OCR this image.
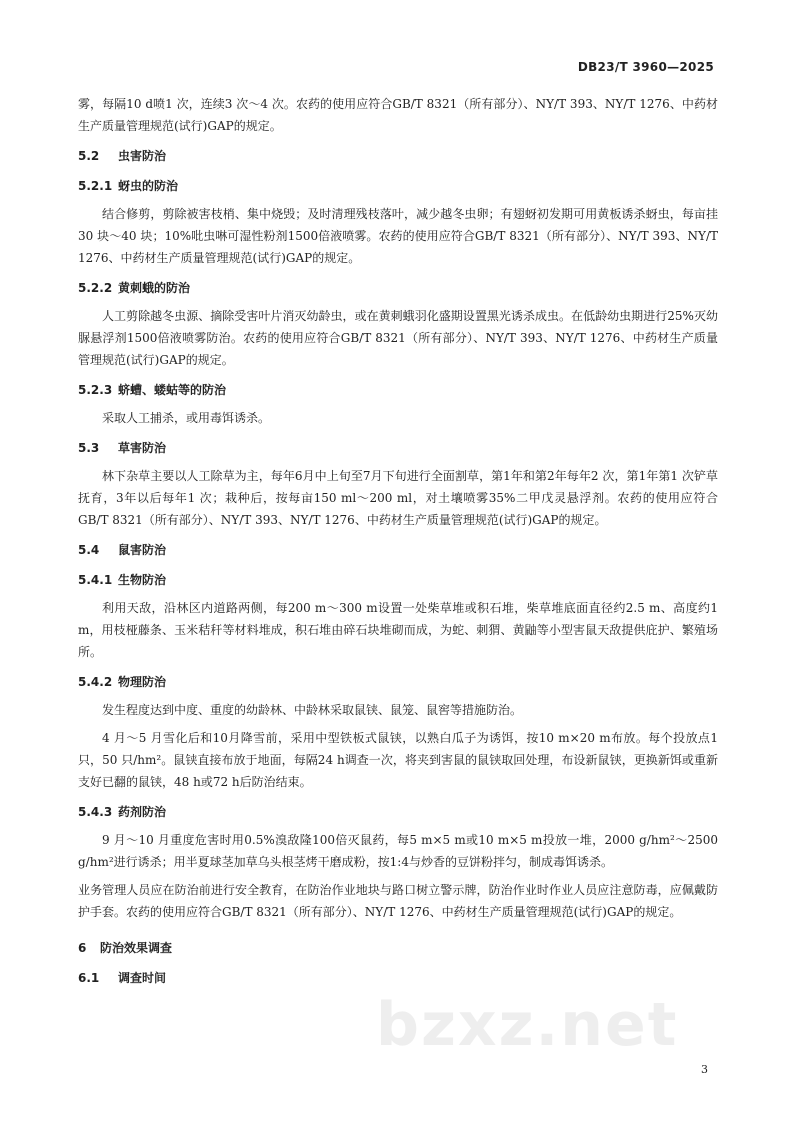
DB23/T 3960—2025

雾，每隔10 d喷1 次，连续3 次～4 次。农药的使用应符合GB/T 8321（所有部分）、NY/T 393、NY/T 1276、中药材生产质量管理规范(试行)GAP的规定。

5.2 虫害防治
5.2.1 蚜虫的防治

结合修剪，剪除被害枝梢、集中烧毁；及时清理残枝落叶，减少越冬虫卵；有翅蚜初发期可用黄板诱杀蚜虫，每亩挂30 块～40 块；10%吡虫啉可湿性粉剂1500倍液喷雾。农药的使用应符合GB/T 8321（所有部分）、NY/T 393、NY/T 1276、中药材生产质量管理规范(试行)GAP的规定。

5.2.2 黄刺蛾的防治

人工剪除越冬虫源、摘除受害叶片消灭幼龄虫，或在黄刺蛾羽化盛期设置黑光诱杀成虫。在低龄幼虫期进行25%灭幼脲悬浮剂1500倍液喷雾防治。农药的使用应符合GB/T 8321（所有部分）、NY/T 393、NY/T 1276、中药材生产质量管理规范(试行)GAP的规定。

5.2.3 蛴螬、蝼蛄等的防治

采取人工捕杀，或用毒饵诱杀。

5.3 草害防治

林下杂草主要以人工除草为主，每年6月中上旬至7月下旬进行全面割草，第1年和第2年每年2 次，第1年第1 次铲草抚育，3年以后每年1 次；栽种后，按每亩150 ml～200 ml，对土壤喷雾35%二甲戊灵悬浮剂。农药的使用应符合GB/T 8321（所有部分）、NY/T 393、NY/T 1276、中药材生产质量管理规范(试行)GAP的规定。

5.4 鼠害防治
5.4.1 生物防治

利用天敌，沿林区内道路两侧，每200 m～300 m设置一处柴草堆或积石堆，柴草堆底面直径约2.5 m、高度约1 m，用枝桠藤条、玉米秸秆等材料堆成，积石堆由碎石块堆砌而成，为蛇、刺猬、黄鼬等小型害鼠天敌提供庇护、繁殖场所。

5.4.2 物理防治

发生程度达到中度、重度的幼龄林、中龄林采取鼠铗、鼠笼、鼠窖等措施防治。

4 月～5 月雪化后和10月降雪前，采用中型铁板式鼠铗，以熟白瓜子为诱饵，按10 m×20 m布放。每个投放点1只，50 只/hm²。鼠铗直接布放于地面，每隔24 h调查一次，将夹到害鼠的鼠铗取回处理，布设新鼠铗，更换新饵或重新支好已翻的鼠铗，48 h或72 h后防治结束。

5.4.3 药剂防治

9 月～10 月重度危害时用0.5%溴敌隆100倍灭鼠药，每5 m×5 m或10 m×5 m投放一堆，2000 g/hm²～2500 g/hm²进行诱杀；用半夏球茎加草乌头根茎烤干磨成粉，按1:4与炒香的豆饼粉拌匀，制成毒饵诱杀。

业务管理人员应在防治前进行安全教育，在防治作业地块与路口树立警示牌，防治作业时作业人员应注意防毒，应佩戴防护手套。农药的使用应符合GB/T 8321（所有部分）、NY/T 1276、中药材生产质量管理规范(试行)GAP的规定。

6 防治效果调查
6.1 调查时间
bzxz.net
3
